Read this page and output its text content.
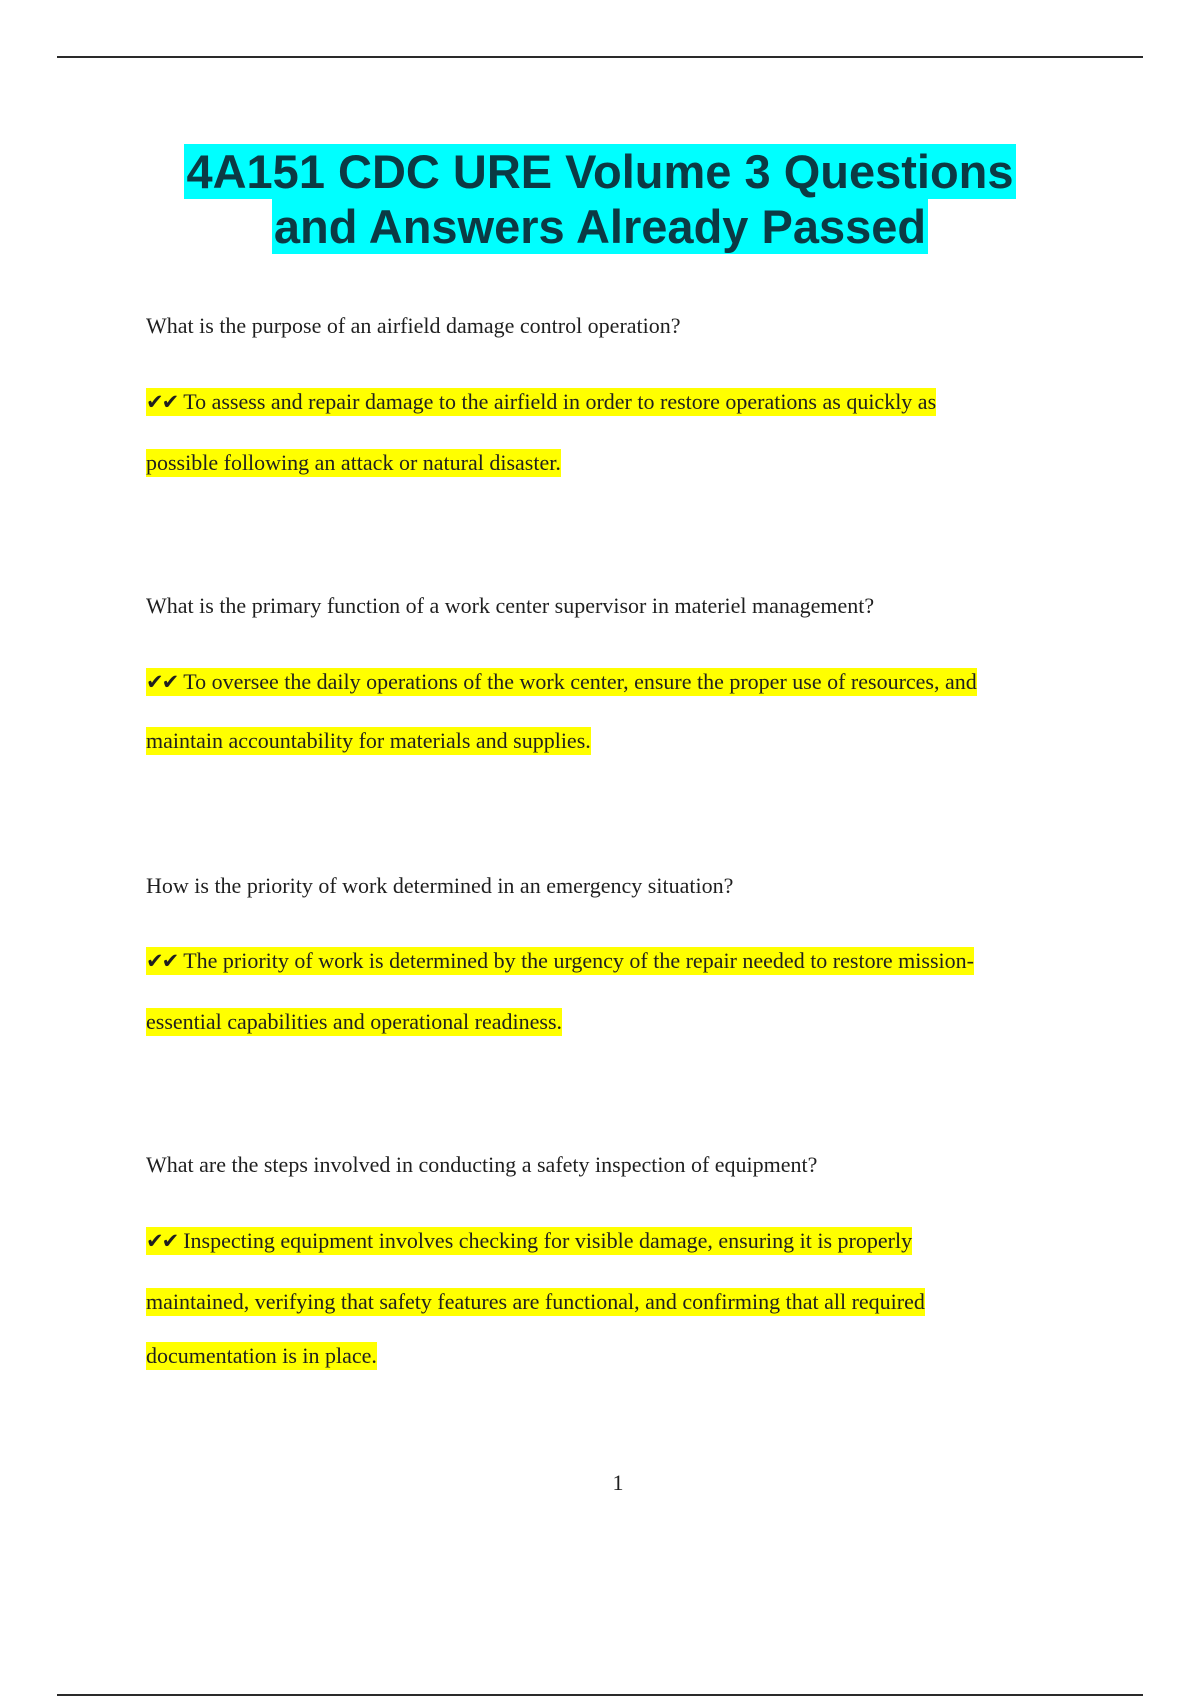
4A151 CDC URE Volume 3 Questions
and Answers Already Passed

What is the purpose of an airfield damage control operation?

✔✔ To assess and repair damage to the airfield in order to restore operations as quickly as
possible following an attack or natural disaster.

What is the primary function of a work center supervisor in materiel management?

✔✔ To oversee the daily operations of the work center, ensure the proper use of resources, and
maintain accountability for materials and supplies.

How is the priority of work determined in an emergency situation?

✔✔ The priority of work is determined by the urgency of the repair needed to restore mission-
essential capabilities and operational readiness.

What are the steps involved in conducting a safety inspection of equipment?

✔✔ Inspecting equipment involves checking for visible damage, ensuring it is properly
maintained, verifying that safety features are functional, and confirming that all required
documentation is in place.
1
